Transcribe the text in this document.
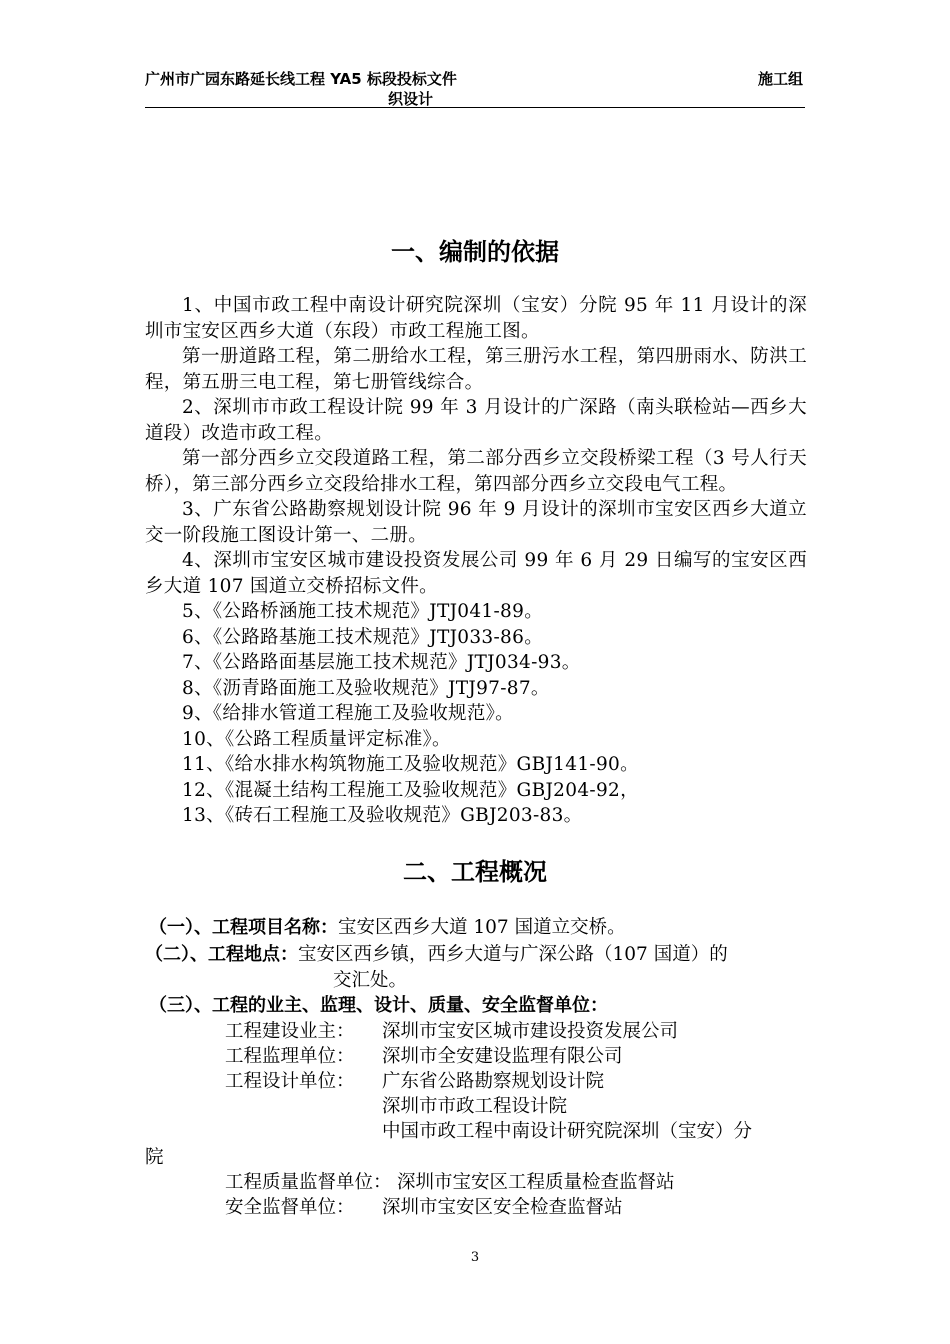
广州市广园东路延长线工程 YA5 标段投标文件
织设计
施工组
一、编制的依据

1、中国市政工程中南设计研究院深圳（宝安）分院 95 年 11 月设计的深圳市宝安区西乡大道（东段）市政工程施工图。

第一册道路工程，第二册给水工程，第三册污水工程，第四册雨水、防洪工程，第五册三电工程，第七册管线综合。

2、深圳市市政工程设计院 99 年 3 月设计的广深路（南头联检站—西乡大道段）改造市政工程。

第一部分西乡立交段道路工程，第二部分西乡立交段桥梁工程（3 号人行天桥），第三部分西乡立交段给排水工程，第四部分西乡立交段电气工程。

3、广东省公路勘察规划设计院 96 年 9 月设计的深圳市宝安区西乡大道立交一阶段施工图设计第一、二册。

4、深圳市宝安区城市建设投资发展公司 99 年 6 月 29 日编写的宝安区西乡大道 107 国道立交桥招标文件。

5、《公路桥涵施工技术规范》JTJ041-89。

6、《公路路基施工技术规范》JTJ033-86。

7、《公路路面基层施工技术规范》JTJ034-93。

8、《沥青路面施工及验收规范》JTJ97-87。

9、《给排水管道工程施工及验收规范》。

10、《公路工程质量评定标准》。

11、《给水排水构筑物施工及验收规范》GBJ141-90。

12、《混凝土结构工程施工及验收规范》GBJ204-92，

13、《砖石工程施工及验收规范》GBJ203-83。

二、工程概况
（一）、工程项目名称：宝安区西乡大道 107 国道立交桥。
（二）、工程地点：宝安区西乡镇，西乡大道与广深公路（107 国道）的
交汇处。
（三）、工程的业主、监理、设计、质量、安全监督单位：
工程建设业主： 深圳市宝安区城市建设投资发展公司
工程监理单位： 深圳市全安建设监理有限公司
工程设计单位： 广东省公路勘察规划设计院
深圳市市政工程设计院
中国市政工程中南设计研究院深圳（宝安）分
院
工程质量监督单位： 深圳市宝安区工程质量检查监督站
安全监督单位： 深圳市宝安区安全检查监督站
3
